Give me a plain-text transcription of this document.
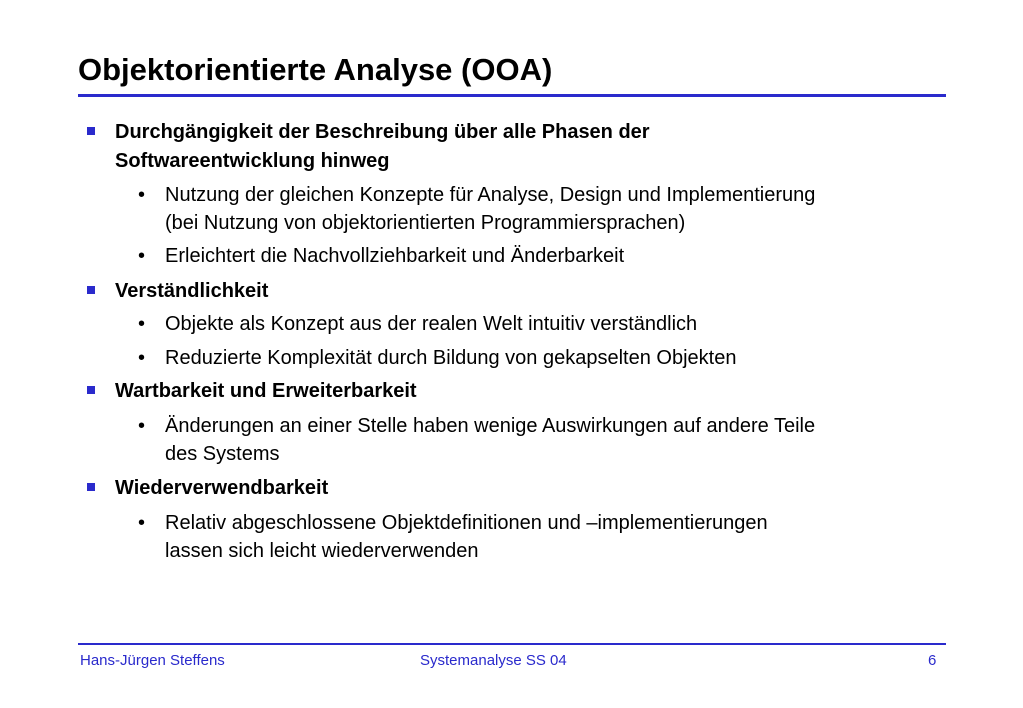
Objektorientierte Analyse (OOA)
Durchgängigkeit der Beschreibung über alle Phasen der
Softwareentwicklung hinweg
• Nutzung der gleichen Konzepte für Analyse, Design und Implementierung
(bei Nutzung von objektorientierten Programmiersprachen)
• Erleichtert die Nachvollziehbarkeit und Änderbarkeit
Verständlichkeit
• Objekte als Konzept aus der realen Welt intuitiv verständlich
• Reduzierte Komplexität durch Bildung von gekapselten Objekten
Wartbarkeit und Erweiterbarkeit
• Änderungen an einer Stelle haben wenige Auswirkungen auf andere Teile
des Systems
Wiederverwendbarkeit
• Relativ abgeschlossene Objektdefinitionen und –implementierungen
lassen sich leicht wiederverwenden
Hans-Jürgen Steffens	Systemanalyse SS 04	6
